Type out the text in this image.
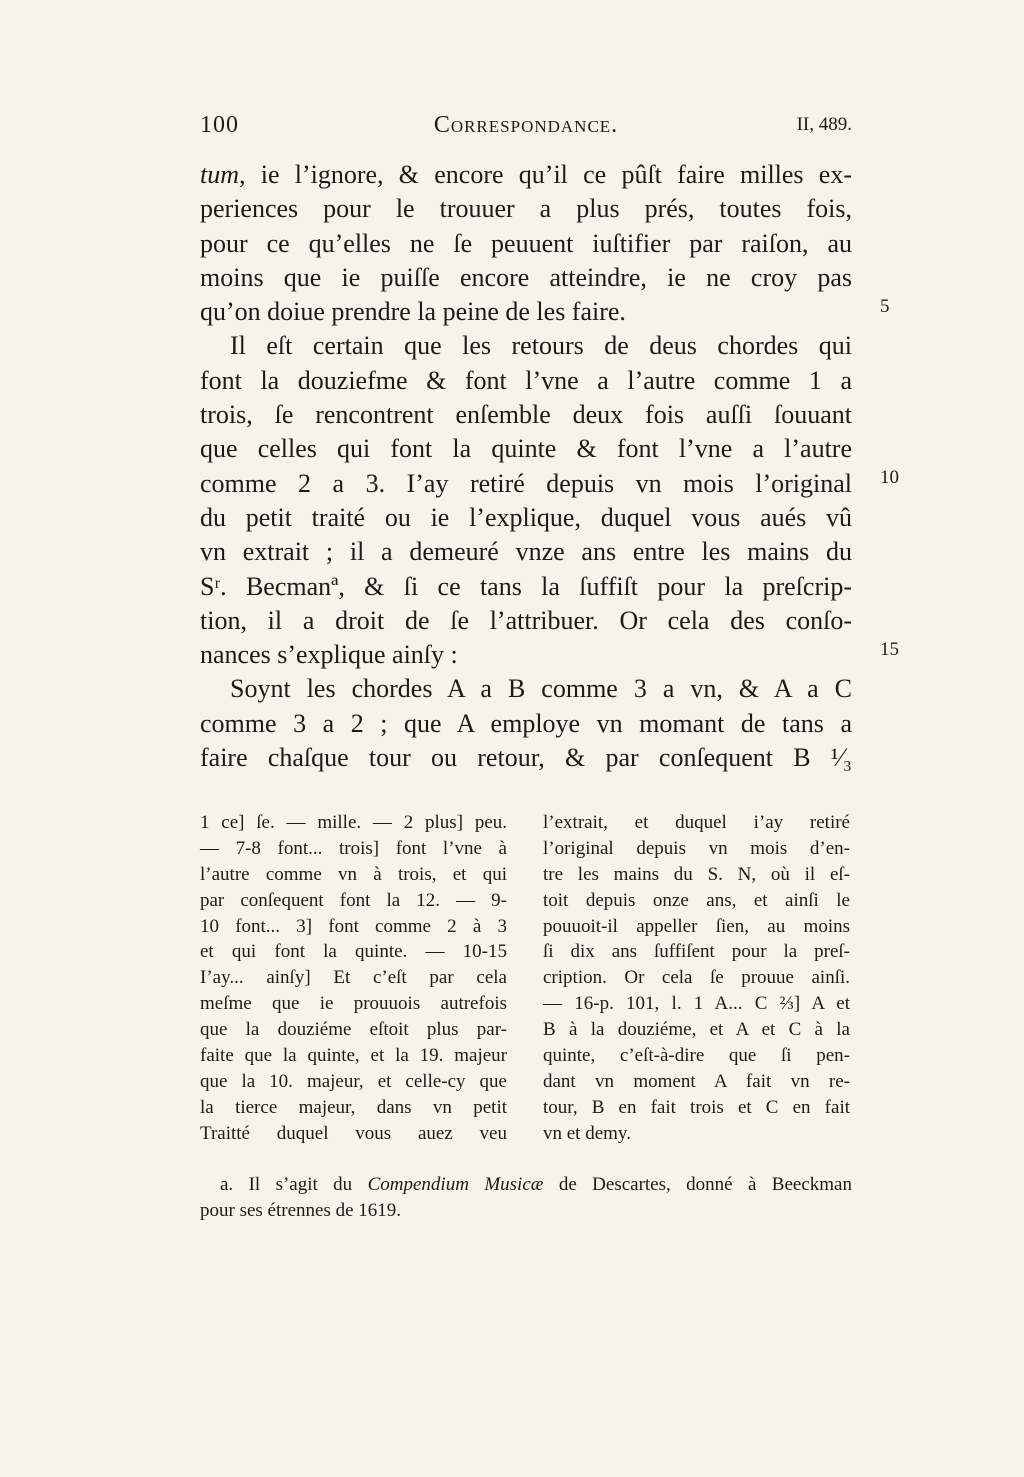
100	Correspondance.	II, 489.
tum, ie l’ignore, & encore qu’il ce pûſt faire milles ex-
periences pour le trouuer a plus prés, toutes fois,
pour ce qu’elles ne ſe peuuent iuſtifier par raiſon, au
moins que ie puiſſe encore atteindre, ie ne croy pas
qu’on doiue prendre la peine de les faire.
Il eſt certain que les retours de deus chordes qui
font la douziefme & font l’vne a l’autre comme 1 a
trois, ſe rencontrent enſemble deux fois auſſi ſouuant
que celles qui font la quinte & font l’vne a l’autre
comme 2 a 3. I’ay retiré depuis vn mois l’original
du petit traité ou ie l’explique, duquel vous aués vû
vn extrait ; il a demeuré vnze ans entre les mains du
Sʳ. Becmanª, & ſi ce tans la ſuffiſt pour la preſcrip-
tion, il a droit de ſe l’attribuer. Or cela des conſo-
nances s’explique ainſy :
Soynt les chordes A a B comme 3 a vn, & A a C
comme 3 a 2 ; que A employe vn momant de tans a
faire chaſque tour ou retour, & par conſequent B ¹⁄₃
5
10
15
1 ce] ſe. — mille. — 2 plus] peu.
— 7-8 font... trois] font l’vne à
l’autre comme vn à trois, et qui
par conſequent font la 12. — 9-
10 font... 3] font comme 2 à 3
et qui font la quinte. — 10-15
I’ay... ainſy] Et c’eſt par cela
meſme que ie prouuois autrefois
que la douziéme eſtoit plus par-
faite que la quinte, et la 19. majeur
que la 10. majeur, et celle-cy que
la tierce majeur, dans vn petit
Traitté duquel vous auez veu
l’extrait, et duquel i’ay retiré
l’original depuis vn mois d’en-
tre les mains du S. N, où il eſ-
toit depuis onze ans, et ainſi le
pouuoit-il appeller ſien, au moins
ſi dix ans ſuffiſent pour la preſ-
cription. Or cela ſe prouue ainſi.
— 16-p. 101, l. 1 A... C ⅔] A et
B à la douziéme, et A et C à la
quinte, c’eſt-à-dire que ſi pen-
dant vn moment A fait vn re-
tour, B en fait trois et C en fait
vn et demy.
a. Il s’agit du Compendium Musicæ de Descartes, donné à Beeckman
pour ses étrennes de 1619.
